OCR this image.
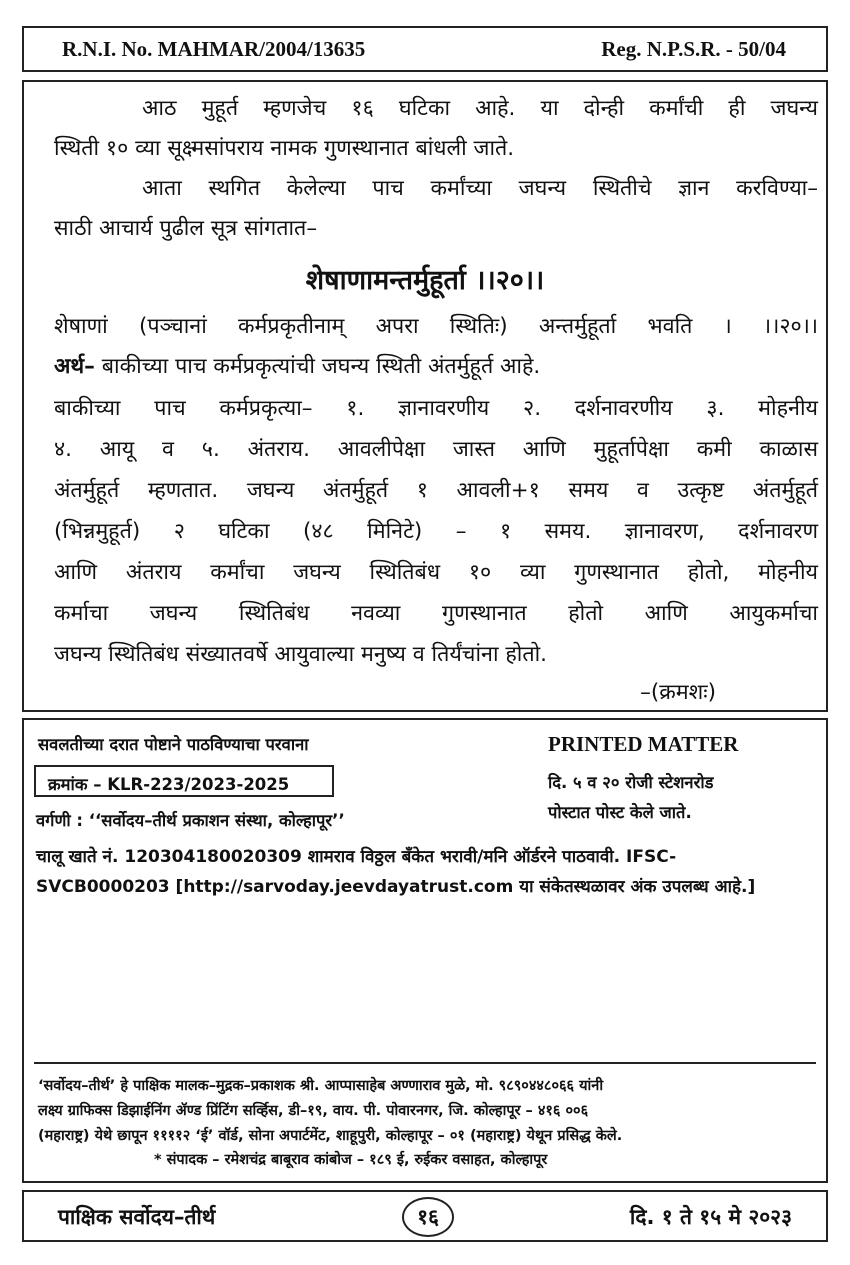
R.N.I. No. MAHMAR/2004/13635	Reg. N.P.S.R. - 50/04
आठ मुहूर्त म्हणजेच १६ घटिका आहे. या दोन्ही कर्मांची ही जघन्य
स्थिती १० व्या सूक्ष्मसांपराय नामक गुणस्थानात बांधली जाते.
आता स्थगित केलेल्या पाच कर्मांच्या जघन्य स्थितीचे ज्ञान करविण्या–
साठी आचार्य पुढील सूत्र सांगतात–
शेषाणामन्तर्मुहूर्ता ।।२०।।
शेषाणां (पञ्चानां कर्मप्रकृतीनाम् अपरा स्थितिः) अन्तर्मुहूर्ता भवति । ।।२०।।
अर्थ– बाकीच्या पाच कर्मप्रकृत्यांची जघन्य स्थिती अंतर्मुहूर्त आहे.
बाकीच्या पाच कर्मप्रकृत्या– १. ज्ञानावरणीय २. दर्शनावरणीय ३. मोहनीय
४. आयू व ५. अंतराय. आवलीपेक्षा जास्त आणि मुहूर्तापेक्षा कमी काळास
अंतर्मुहूर्त म्हणतात. जघन्य अंतर्मुहूर्त १ आवली+१ समय व उत्कृष्ट अंतर्मुहूर्त
(भिन्नमुहूर्त) २ घटिका (४८ मिनिटे) – १ समय. ज्ञानावरण, दर्शनावरण
आणि अंतराय कर्मांचा जघन्य स्थितिबंध १० व्या गुणस्थानात होतो, मोहनीय
कर्माचा जघन्य स्थितिबंध नवव्या गुणस्थानात होतो आणि आयुकर्माचा
जघन्य स्थितिबंध संख्यातवर्षे आयुवाल्या मनुष्य व तिर्यंचांना होतो.
–(क्रमशः)
सवलतीच्या दरात पोष्टाने पाठविण्याचा परवाना
क्रमांक – KLR-223/2023-2025
PRINTED MATTER
दि. ५ व २० रोजी स्टेशनरोड
पोस्टात पोस्ट केले जाते.
वर्गणी : ‘‘सर्वोदय–तीर्थ प्रकाशन संस्था, कोल्हापूर’’
चालू खाते नं. 120304180020309 शामराव विठ्ठल बँकेत भरावी/मनि ऑर्डरने पाठवावी. IFSC-
SVCB0000203 [http://sarvoday.jeevdayatrust.com या संकेतस्थळावर अंक उपलब्ध आहे.]
‘सर्वोदय–तीर्थ’ हे पाक्षिक मालक–मुद्रक–प्रकाशक श्री. आप्पासाहेब अण्णाराव मुळे, मो. ९८९०४४८०६६ यांनी
लक्ष्य ग्राफिक्स डिझाईनिंग ॲण्ड प्रिंटिंग सर्व्हिस, डी–१९, वाय. पी. पोवारनगर, जि. कोल्हापूर – ४१६ ००६
(महाराष्ट्र) येथे छापून ११११२ ‘ई’ वॉर्ड, सोना अपार्टमेंट, शाहूपुरी, कोल्हापूर – ०१ (महाराष्ट्र) येथून प्रसिद्ध केले.
* संपादक – रमेशचंद्र बाबूराव कांबोज – १८९ ई, रुईकर वसाहत, कोल्हापूर
पाक्षिक सर्वोदय–तीर्थ	१६	दि. १ ते १५ मे २०२३
